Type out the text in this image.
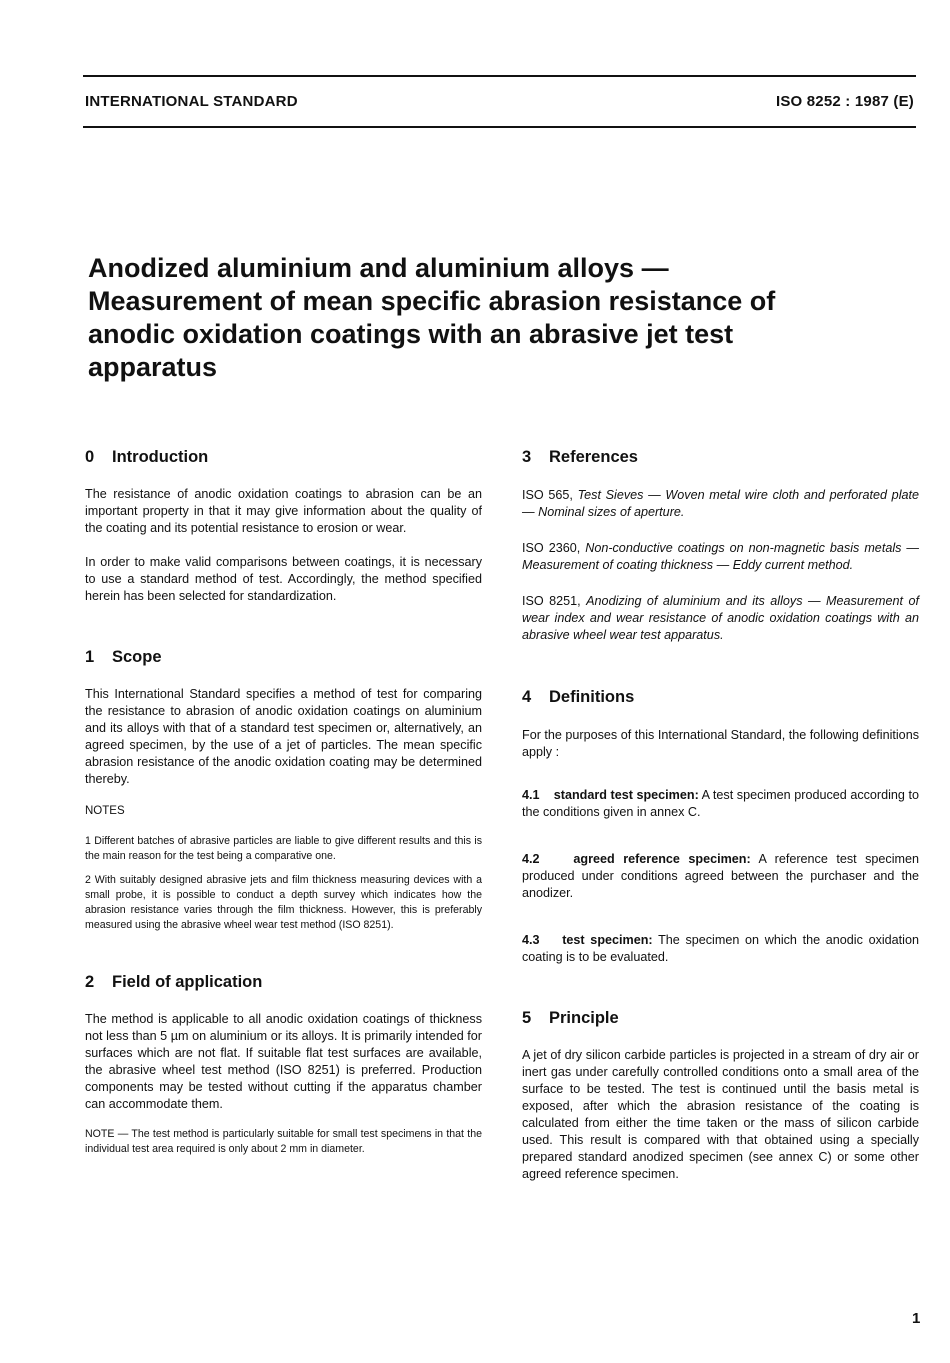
INTERNATIONAL STANDARD	ISO 8252 : 1987 (E)
Anodized aluminium and aluminium alloys —
Measurement of mean specific abrasion resistance of
anodic oxidation coatings with an abrasive jet test
apparatus
0 Introduction

The resistance of anodic oxidation coatings to abrasion can be an important property in that it may give information about the quality of the coating and its potential resistance to erosion or wear.

In order to make valid comparisons between coatings, it is necessary to use a standard method of test. Accordingly, the method specified herein has been selected for standardization.

1 Scope

This International Standard specifies a method of test for comparing the resistance to abrasion of anodic oxidation coatings on aluminium and its alloys with that of a standard test specimen or, alternatively, an agreed specimen, by the use of a jet of particles. The mean specific abrasion resistance of the anodic oxidation coating may be determined thereby.

NOTES

1 Different batches of abrasive particles are liable to give different results and this is the main reason for the test being a comparative one.

2 With suitably designed abrasive jets and film thickness measuring devices with a small probe, it is possible to conduct a depth survey which indicates how the abrasion resistance varies through the film thickness. However, this is preferably measured using the abrasive wheel wear test method (ISO 8251).

2 Field of application

The method is applicable to all anodic oxidation coatings of thickness not less than 5 µm on aluminium or its alloys. It is primarily intended for surfaces which are not flat. If suitable flat test surfaces are available, the abrasive wheel test method (ISO 8251) is preferred. Production components may be tested without cutting if the apparatus chamber can accommodate them.

NOTE — The test method is particularly suitable for small test specimens in that the individual test area required is only about 2 mm in diameter.

3 References

ISO 565, Test Sieves — Woven metal wire cloth and perforated plate — Nominal sizes of aperture.

ISO 2360, Non-conductive coatings on non-magnetic basis metals — Measurement of coating thickness — Eddy current method.

ISO 8251, Anodizing of aluminium and its alloys — Measurement of wear index and wear resistance of anodic oxidation coatings with an abrasive wheel wear test apparatus.

4 Definitions

For the purposes of this International Standard, the following definitions apply :

4.1 standard test specimen: A test specimen produced according to the conditions given in annex C.

4.2	agreed reference specimen: A reference test specimen produced under conditions agreed between the purchaser and the anodizer.

4.3 test specimen: The specimen on which the anodic oxidation coating is to be evaluated.

5 Principle

A jet of dry silicon carbide particles is projected in a stream of dry air or inert gas under carefully controlled conditions onto a small area of the surface to be tested. The test is continued until the basis metal is exposed, after which the abrasion resistance of the coating is calculated from either the time taken or the mass of silicon carbide used. This result is compared with that obtained using a specially prepared standard anodized specimen (see annex C) or some other agreed reference specimen.

1
